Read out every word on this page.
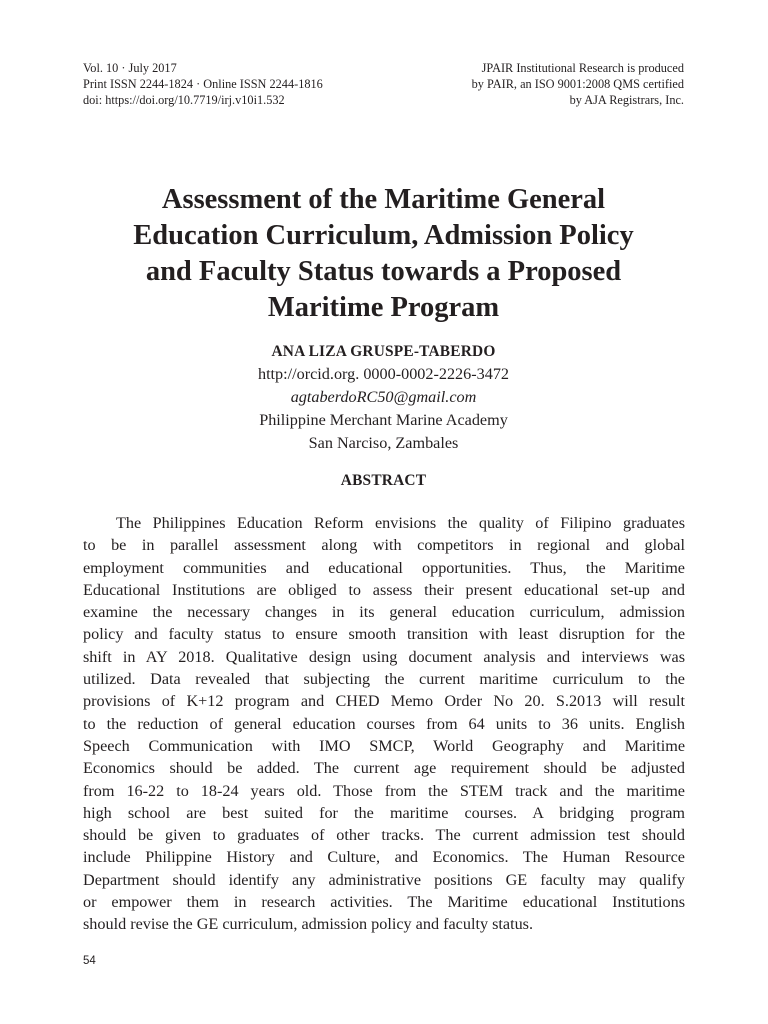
Vol. 10 · July 2017
Print ISSN 2244-1824 · Online ISSN 2244-1816
doi: https://doi.org/10.7719/irj.v10i1.532
JPAIR Institutional Research is produced
by PAIR, an ISO 9001:2008 QMS certified
by AJA Registrars, Inc.
Assessment of the Maritime General
Education Curriculum, Admission Policy
and Faculty Status towards a Proposed
Maritime Program
ANA LIZA GRUSPE-TABERDO
http://orcid.org. 0000-0002-2226-3472
agtaberdoRC50@gmail.com
Philippine Merchant Marine Academy
San Narciso, Zambales
ABSTRACT
The Philippines Education Reform envisions the quality of Filipino graduates
to be in parallel assessment along with competitors in regional and global
employment communities and educational opportunities. Thus, the Maritime
Educational Institutions are obliged to assess their present educational set-up and
examine the necessary changes in its general education curriculum, admission
policy and faculty status to ensure smooth transition with least disruption for the
shift in AY 2018. Qualitative design using document analysis and interviews was
utilized. Data revealed that subjecting the current maritime curriculum to the
provisions of K+12 program and CHED Memo Order No 20. S.2013 will result
to the reduction of general education courses from 64 units to 36 units. English
Speech Communication with IMO SMCP, World Geography and Maritime
Economics should be added. The current age requirement should be adjusted
from 16-22 to 18-24 years old. Those from the STEM track and the maritime
high school are best suited for the maritime courses. A bridging program
should be given to graduates of other tracks. The current admission test should
include Philippine History and Culture, and Economics. The Human Resource
Department should identify any administrative positions GE faculty may qualify
or empower them in research activities. The Maritime educational Institutions
should revise the GE curriculum, admission policy and faculty status.
54
